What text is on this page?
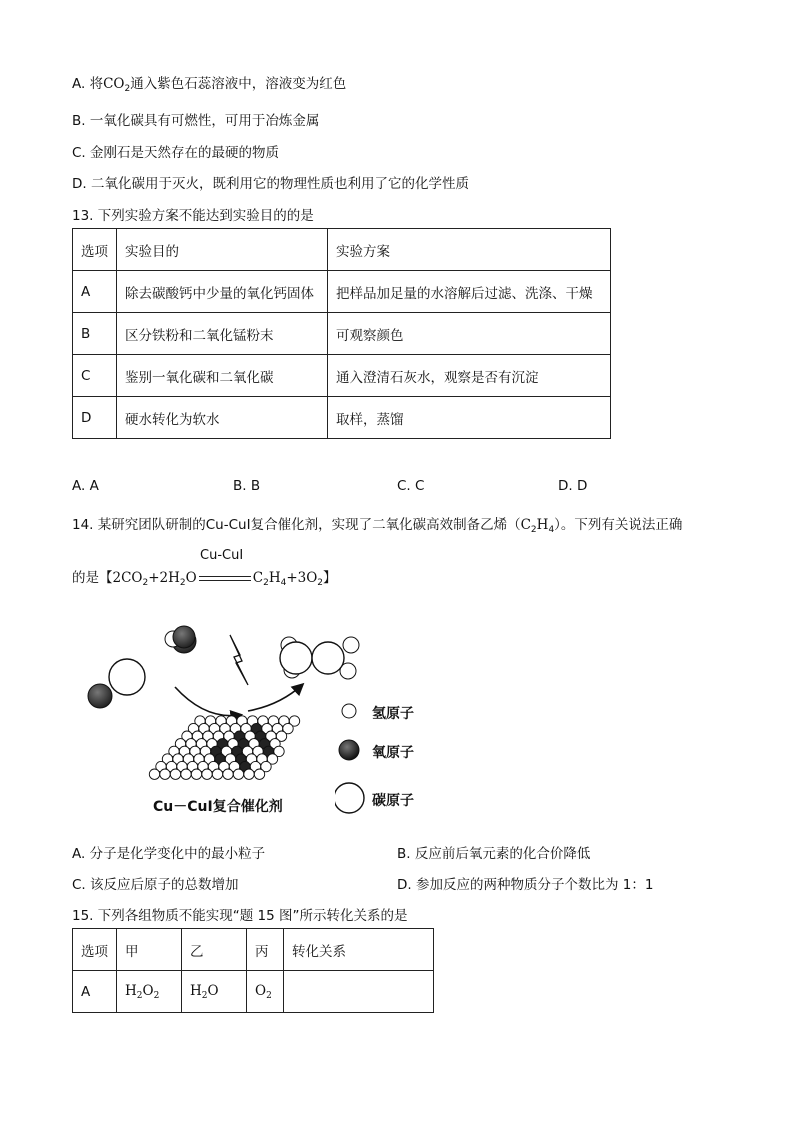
A. 将$CO_2$通入紫色石蕊溶液中，溶液变为红色
B. 一氧化碳具有可燃性，可用于冶炼金属
C. 金刚石是天然存在的最硬的物质
D. 二氧化碳用于灭火，既利用它的物理性质也利用了它的化学性质
13. 下列实验方案不能达到实验目的的是
选项	实验目的	实验方案
A	除去碳酸钙中少量的氧化钙固体	把样品加足量的水溶解后过滤、洗涤、干燥
B	区分铁粉和二氧化锰粉末	可观察颜色
C	鉴别一氧化碳和二氧化碳	通入澄清石灰水，观察是否有沉淀
D	硬水转化为软水	取样，蒸馏
A. A	B. B	C. C	D. D
14. 某研究团队研制的Cu-CuI复合催化剂，实现了二氧化碳高效制备乙烯$(C_2H_4)$。下列有关说法正确
Cu-CuI
的是【$2CO_2+2H_2O$	$C_2H_4+3O_2$】
氢原子
氧原子
碳原子
Cu－CuI复合催化剂
A. 分子是化学变化中的最小粒子	B. 反应前后氧元素的化合价降低
C. 该反应后原子的总数增加	D. 参加反应的两种物质分子个数比为 1：1
15. 下列各组物质不能实现“题 15 图”所示转化关系的是
选项	甲	乙	丙	转化关系
A	$H_2O_2$	$H_2O$	$O_2$	
